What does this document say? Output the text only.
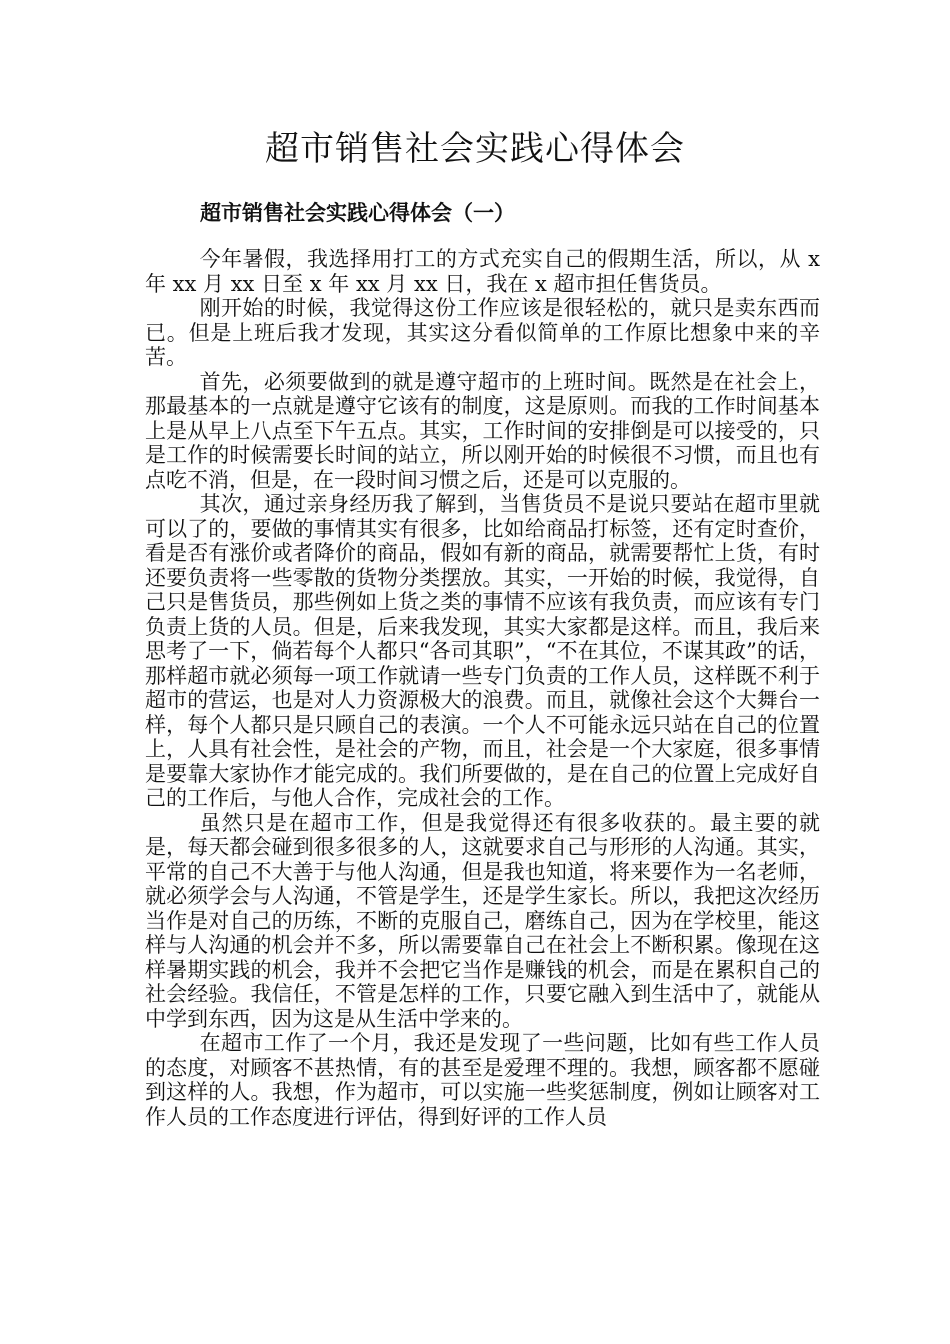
超市销售社会实践心得体会
超市销售社会实践心得体会（一）

今年暑假，我选择用打工的方式充实自己的假期生活，所以，从 x 年 xx 月 xx 日至 x 年 xx 月 xx 日，我在 x 超市担任售货员。

刚开始的时候，我觉得这份工作应该是很轻松的，就只是卖东西而已。但是上班后我才发现，其实这分看似简单的工作原比想象中来的辛苦。

首先，必须要做到的就是遵守超市的上班时间。既然是在社会上，那最基本的一点就是遵守它该有的制度，这是原则。而我的工作时间基本上是从早上八点至下午五点。其实，工作时间的安排倒是可以接受的，只是工作的时候需要长时间的站立，所以刚开始的时候很不习惯，而且也有点吃不消，但是，在一段时间习惯之后，还是可以克服的。

其次，通过亲身经历我了解到，当售货员不是说只要站在超市里就可以了的，要做的事情其实有很多，比如给商品打标签，还有定时查价，看是否有涨价或者降价的商品，假如有新的商品，就需要帮忙上货，有时还要负责将一些零散的货物分类摆放。其实，一开始的时候，我觉得，自己只是售货员，那些例如上货之类的事情不应该有我负责，而应该有专门负责上货的人员。但是，后来我发现，其实大家都是这样。而且，我后来思考了一下，倘若每个人都只“各司其职”，“不在其位，不谋其政”的话，那样超市就必须每一项工作就请一些专门负责的工作人员，这样既不利于超市的营运，也是对人力资源极大的浪费。而且，就像社会这个大舞台一样，每个人都只是只顾自己的表演。一个人不可能永远只站在自己的位置上，人具有社会性，是社会的产物，而且，社会是一个大家庭，很多事情是要靠大家协作才能完成的。我们所要做的，是在自己的位置上完成好自己的工作后，与他人合作，完成社会的工作。

虽然只是在超市工作，但是我觉得还有很多收获的。最主要的就是，每天都会碰到很多很多的人，这就要求自己与形形的人沟通。其实，平常的自己不大善于与他人沟通，但是我也知道，将来要作为一名老师，就必须学会与人沟通，不管是学生，还是学生家长。所以，我把这次经历当作是对自己的历练，不断的克服自己，磨练自己，因为在学校里，能这样与人沟通的机会并不多，所以需要靠自己在社会上不断积累。像现在这样暑期实践的机会，我并不会把它当作是赚钱的机会，而是在累积自己的社会经验。我信任，不管是怎样的工作，只要它融入到生活中了，就能从中学到东西，因为这是从生活中学来的。

在超市工作了一个月，我还是发现了一些问题，比如有些工作人员的态度，对顾客不甚热情，有的甚至是爱理不理的。我想，顾客都不愿碰到这样的人。我想，作为超市，可以实施一些奖惩制度，例如让顾客对工作人员的工作态度进行评估，得到好评的工作人员
